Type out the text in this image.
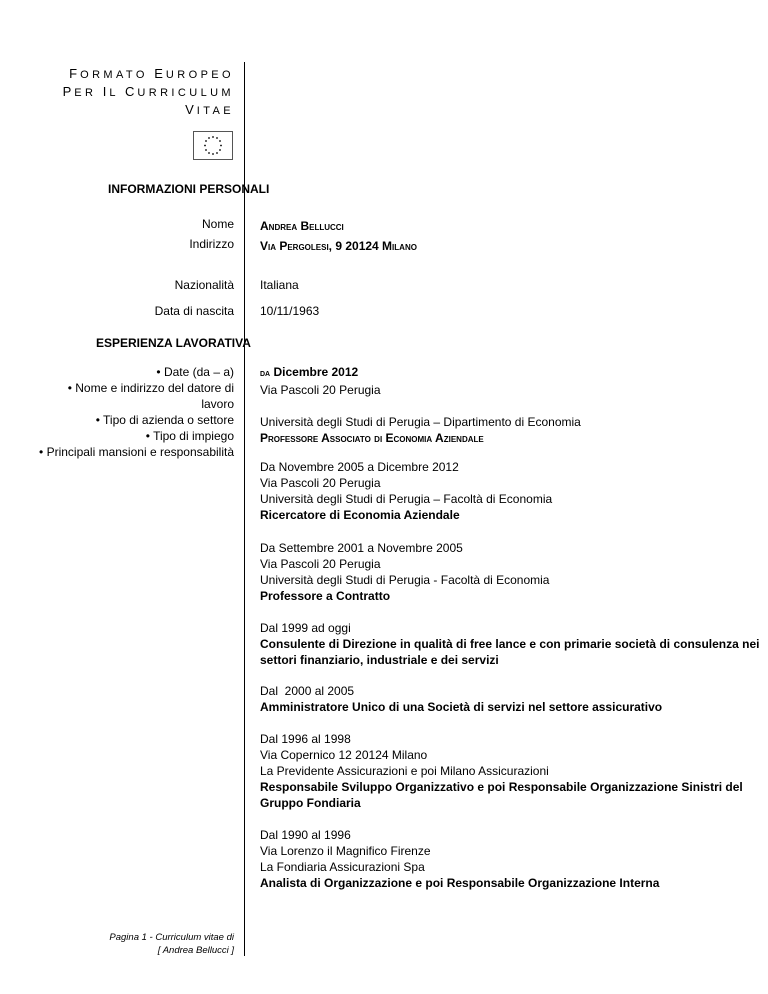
FORMATO EUROPEO
PER IL CURRICULUM
VITAE
INFORMAZIONI PERSONALI
Nome Andrea Bellucci
Indirizzo Via Pergolesi, 9 20124 Milano
Nazionalità Italiana
Data di nascita 10/11/1963
ESPERIENZA LAVORATIVA
• Date (da – a)
• Nome e indirizzo del datore di
lavoro
• Tipo di azienda o settore
• Tipo di impiego
• Principali mansioni e responsabilità
da Dicembre 2012
Via Pascoli 20 Perugia
Università degli Studi di Perugia – Dipartimento di Economia
Professore Associato di Economia Aziendale
Da Novembre 2005 a Dicembre 2012
Via Pascoli 20 Perugia
Università degli Studi di Perugia – Facoltà di Economia
Ricercatore di Economia Aziendale
Da Settembre 2001 a Novembre 2005
Via Pascoli 20 Perugia
Università degli Studi di Perugia - Facoltà di Economia
Professore a Contratto
Dal 1999 ad oggi
Consulente di Direzione in qualità di free lance e con primarie società di consulenza nei
settori finanziario, industriale e dei servizi
Dal  2000 al 2005
Amministratore Unico di una Società di servizi nel settore assicurativo
Dal 1996 al 1998
Via Copernico 12 20124 Milano
La Previdente Assicurazioni e poi Milano Assicurazioni
Responsabile Sviluppo Organizzativo e poi Responsabile Organizzazione Sinistri del
Gruppo Fondiaria
Dal 1990 al 1996
Via Lorenzo il Magnifico Firenze
La Fondiaria Assicurazioni Spa
Analista di Organizzazione e poi Responsabile Organizzazione Interna
Pagina 1 - Curriculum vitae di
[ Andrea Bellucci ]
